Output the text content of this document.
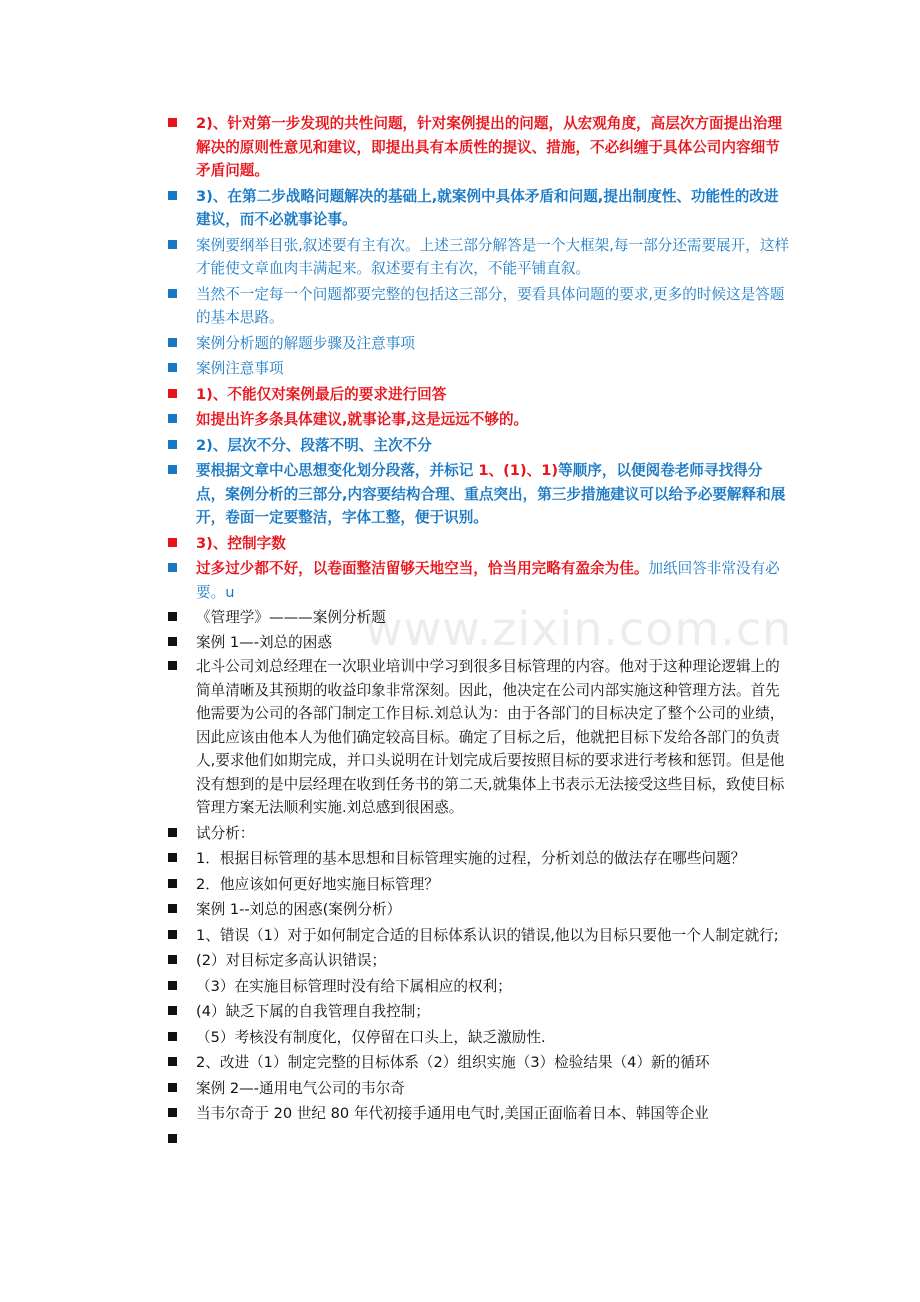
www.zixin.com.cn
2)、针对第一步发现的共性问题，针对案例提出的问题，从宏观角度，高层次方面提出治理解决的原则性意见和建议，即提出具有本质性的提议、措施，不必纠缠于具体公司内容细节矛盾问题。
3)、在第二步战略问题解决的基础上,就案例中具体矛盾和问题,提出制度性、功能性的改进建议，而不必就事论事。
案例要纲举目张,叙述要有主有次。上述三部分解答是一个大框架,每一部分还需要展开，这样才能使文章血肉丰满起来。叙述要有主有次，不能平铺直叙。
当然不一定每一个问题都要完整的包括这三部分，要看具体问题的要求,更多的时候这是答题的基本思路。
案例分析题的解题步骤及注意事项
案例注意事项
1)、不能仅对案例最后的要求进行回答
如提出许多条具体建议,就事论事,这是远远不够的。
2)、层次不分、段落不明、主次不分
要根据文章中心思想变化划分段落，并标记 1、(1)、1)等顺序，以便阅卷老师寻找得分点，案例分析的三部分,内容要结构合理、重点突出，第三步措施建议可以给予必要解释和展开，卷面一定要整洁，字体工整，便于识别。
3)、控制字数
过多过少都不好，以卷面整洁留够天地空当，恰当用完略有盈余为佳。加纸回答非常没有必要。u
《管理学》———案例分析题
案例 1—-刘总的困惑
北斗公司刘总经理在一次职业培训中学习到很多目标管理的内容。他对于这种理论逻辑上的简单清晰及其预期的收益印象非常深刻。因此，他决定在公司内部实施这种管理方法。首先他需要为公司的各部门制定工作目标.刘总认为：由于各部门的目标决定了整个公司的业绩，因此应该由他本人为他们确定较高目标。确定了目标之后，他就把目标下发给各部门的负责人,要求他们如期完成，并口头说明在计划完成后要按照目标的要求进行考核和惩罚。但是他没有想到的是中层经理在收到任务书的第二天,就集体上书表示无法接受这些目标，致使目标管理方案无法顺利实施.刘总感到很困惑。
试分析：
1．根据目标管理的基本思想和目标管理实施的过程，分析刘总的做法存在哪些问题？
2．他应该如何更好地实施目标管理？
案例 1--刘总的困惑(案例分析）
1、错误（1）对于如何制定合适的目标体系认识的错误,他以为目标只要他一个人制定就行;
(2）对目标定多高认识错误；
（3）在实施目标管理时没有给下属相应的权利；
(4）缺乏下属的自我管理自我控制；
（5）考核没有制度化，仅停留在口头上，缺乏激励性.
2、改进（1）制定完整的目标体系（2）组织实施（3）检验结果（4）新的循环
案例 2—-通用电气公司的韦尔奇
当韦尔奇于 20 世纪 80 年代初接手通用电气时,美国正面临着日本、韩国等企业
